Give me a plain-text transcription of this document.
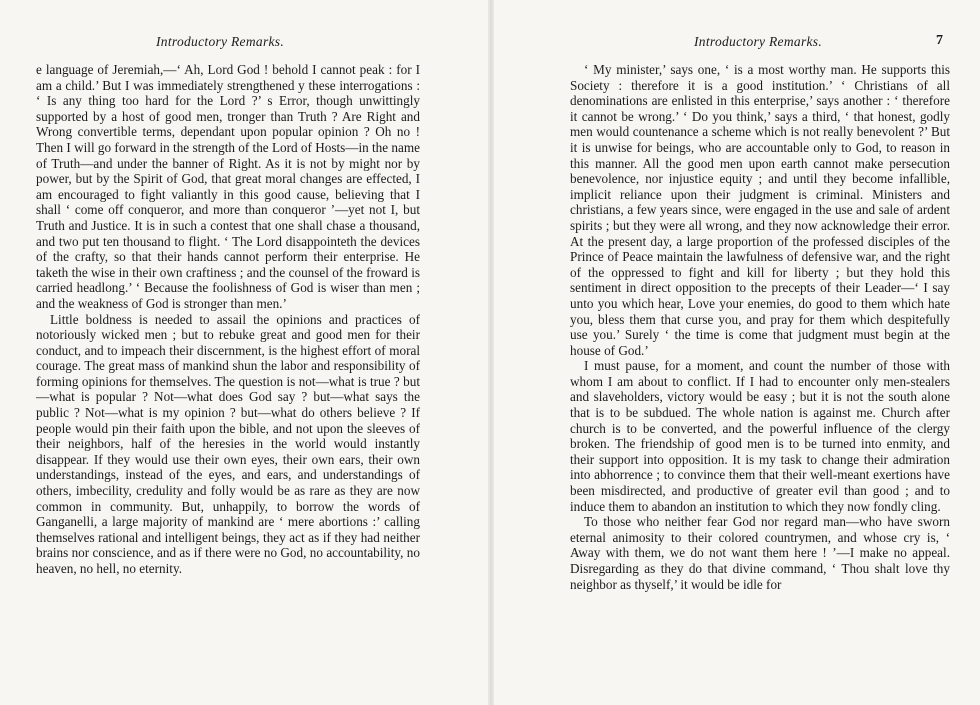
Introductory Remarks.

e language of Jeremiah,—‘ Ah, Lord God ! behold I cannot peak : for I am a child.’ But I was immediately strengthened y these interrogations : ‘ Is any thing too hard for the Lord ?’ s Error, though unwittingly supported by a host of good men, tronger than Truth ? Are Right and Wrong convertible terms, dependant upon popular opinion ? Oh no ! Then I will go forward in the strength of the Lord of Hosts—in the name of Truth—and under the banner of Right. As it is not by might nor by power, but by the Spirit of God, that great moral changes are effected, I am encouraged to fight valiantly in this good cause, believing that I shall ‘ come off conqueror, and more than conqueror ’—yet not I, but Truth and Justice. It is in such a contest that one shall chase a thousand, and two put ten thousand to flight. ‘ The Lord disappointeth the devices of the crafty, so that their hands cannot perform their enterprise. He taketh the wise in their own craftiness ; and the counsel of the froward is carried headlong.’ ‘ Because the foolishness of God is wiser than men ; and the weakness of God is stronger than men.’

Little boldness is needed to assail the opinions and practices of notoriously wicked men ; but to rebuke great and good men for their conduct, and to impeach their discernment, is the highest effort of moral courage. The great mass of mankind shun the labor and responsibility of forming opinions for themselves. The question is not—what is true ? but—what is popular ? Not—what does God say ? but—what says the public ? Not—what is my opinion ? but—what do others believe ? If people would pin their faith upon the bible, and not upon the sleeves of their neighbors, half of the heresies in the world would instantly disappear. If they would use their own eyes, their own ears, their own understandings, instead of the eyes, and ears, and understandings of others, imbecility, credulity and folly would be as rare as they are now common in community. But, unhappily, to borrow the words of Ganganelli, a large majority of mankind are ‘ mere abortions :’ calling themselves rational and intelligent beings, they act as if they had neither brains nor conscience, and as if there were no God, no accountability, no heaven, no hell, no eternity.

Introductory Remarks.	7

‘ My minister,’ says one, ‘ is a most worthy man. He supports this Society : therefore it is a good institution.’ ‘ Christians of all denominations are enlisted in this enterprise,’ says another : ‘ therefore it cannot be wrong.’ ‘ Do you think,’ says a third, ‘ that honest, godly men would countenance a scheme which is not really benevolent ?’ But it is unwise for beings, who are accountable only to God, to reason in this manner. All the good men upon earth cannot make persecution benevolence, nor injustice equity ; and until they become infallible, implicit reliance upon their judgment is criminal. Ministers and christians, a few years since, were engaged in the use and sale of ardent spirits ; but they were all wrong, and they now acknowledge their error. At the present day, a large proportion of the professed disciples of the Prince of Peace maintain the lawfulness of defensive war, and the right of the oppressed to fight and kill for liberty ; but they hold this sentiment in direct opposition to the precepts of their Leader—‘ I say unto you which hear, Love your enemies, do good to them which hate you, bless them that curse you, and pray for them which despitefully use you.’ Surely ‘ the time is come that judgment must begin at the house of God.’

I must pause, for a moment, and count the number of those with whom I am about to conflict. If I had to encounter only men-stealers and slaveholders, victory would be easy ; but it is not the south alone that is to be subdued. The whole nation is against me. Church after church is to be converted, and the powerful influence of the clergy broken. The friendship of good men is to be turned into enmity, and their support into opposition. It is my task to change their admiration into abhorrence ; to convince them that their well-meant exertions have been misdirected, and productive of greater evil than good ; and to induce them to abandon an institution to which they now fondly cling.

To those who neither fear God nor regard man—who have sworn eternal animosity to their colored countrymen, and whose cry is, ‘ Away with them, we do not want them here ! ’—I make no appeal. Disregarding as they do that divine command, ‘ Thou shalt love thy neighbor as thyself,’ it would be idle for
